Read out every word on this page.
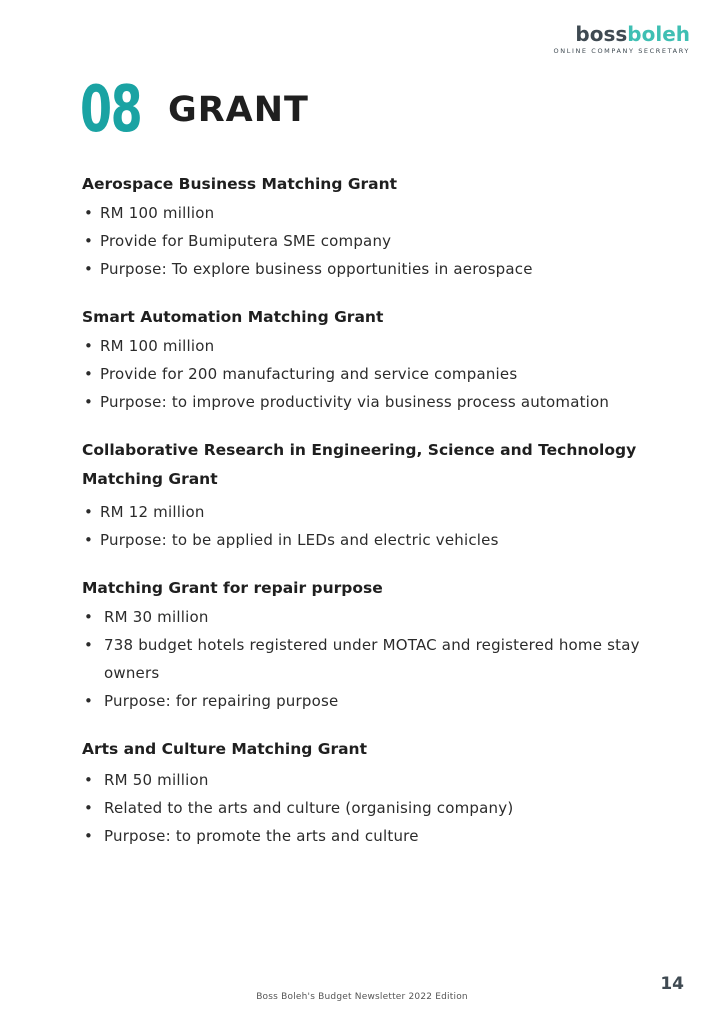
bossboleh
ONLINE COMPANY SECRETARY
08 GRANT
Aerospace Business Matching Grant
• RM 100 million
• Provide for Bumiputera SME company
• Purpose: To explore business opportunities in aerospace
Smart Automation Matching Grant
• RM 100 million
• Provide for 200 manufacturing and service companies
• Purpose: to improve productivity via business process automation
Collaborative Research in Engineering, Science and Technology Matching Grant
• RM 12 million
• Purpose: to be applied in LEDs and electric vehicles
Matching Grant for repair purpose
• RM 30 million
• 738 budget hotels registered under MOTAC and registered home stay owners
• Purpose: for repairing purpose
Arts and Culture Matching Grant
• RM 50 million
• Related to the arts and culture (organising company)
• Purpose: to promote the arts and culture
14
Boss Boleh's Budget Newsletter 2022 Edition
